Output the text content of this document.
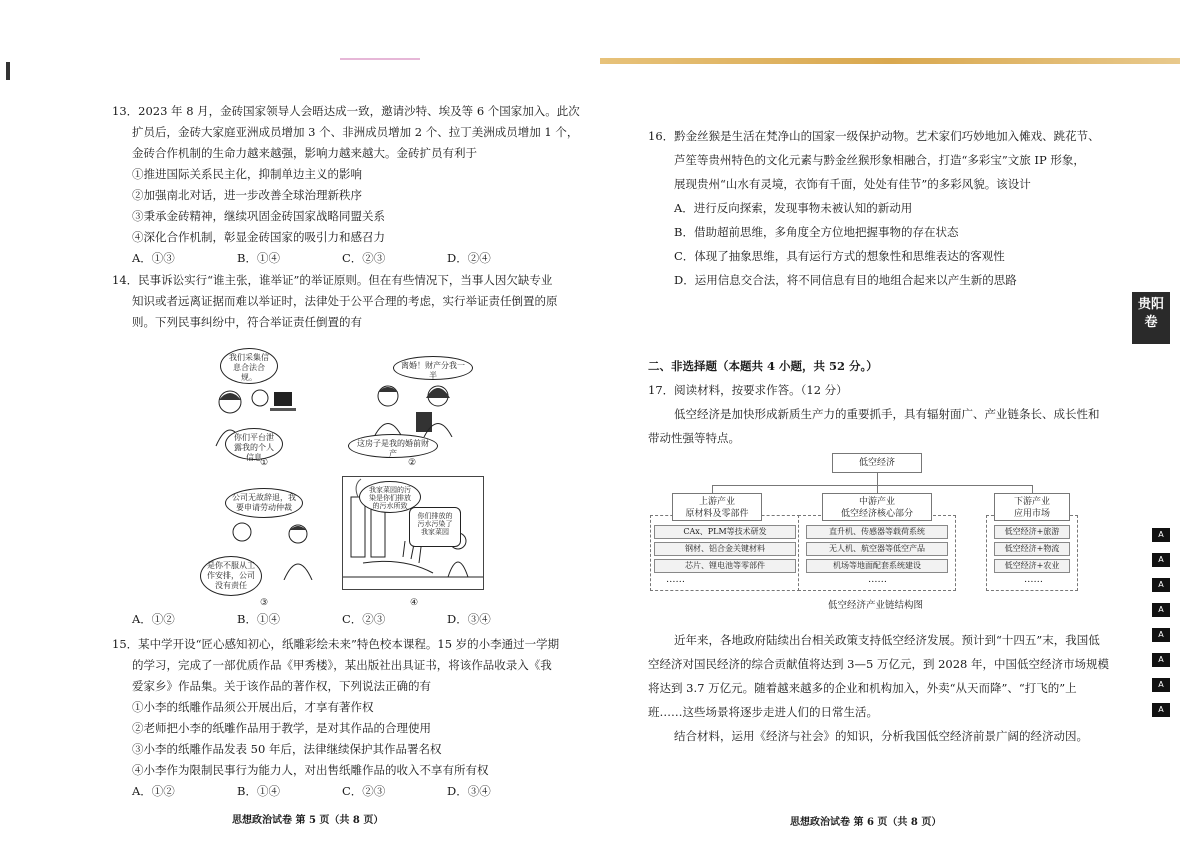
13．2023 年 8 月，金砖国家领导人会晤达成一致，邀请沙特、埃及等 6 个国家加入。此次
扩员后，金砖大家庭亚洲成员增加 3 个、非洲成员增加 2 个、拉丁美洲成员增加 1 个，
金砖合作机制的生命力越来越强，影响力越来越大。金砖扩员有利于
①推进国际关系民主化，抑制单边主义的影响
②加强南北对话，进一步改善全球治理新秩序
③秉承金砖精神，继续巩固金砖国家战略同盟关系
④深化合作机制，彰显金砖国家的吸引力和感召力
A．①③	B．①④	C．②③	D．②④
14．民事诉讼实行“谁主张，谁举证”的举证原则。但在有些情况下，当事人因欠缺专业
知识或者远离证据而难以举证时，法律处于公平合理的考虑，实行举证责任倒置的原
则。下列民事纠纷中，符合举证责任倒置的有
我们采集信息合法合规。
你们平台泄露我的个人信息
①
离婚！财产分我一半
这房子是我的婚前财产
②
公司无故辞退，我要申请劳动仲裁
是你不服从工作安排，公司没有责任
③
我家菜园的污染是你们排放的污水所致
你们排放的污水污染了我家菜园
④
A．①②	B．①④	C．②③	D．③④
15．某中学开设“匠心感知初心，纸雕彩绘未来”特色校本课程。15 岁的小李通过一学期
的学习，完成了一部优质作品《甲秀楼》，某出版社出具证书，将该作品收录入《我
爱家乡》作品集。关于该作品的著作权，下列说法正确的有
①小李的纸雕作品须公开展出后，才享有著作权
②老师把小李的纸雕作品用于教学，是对其作品的合理使用
③小李的纸雕作品发表 50 年后，法律继续保护其作品署名权
④小李作为限制民事行为能力人，对出售纸雕作品的收入不享有所有权
A．①②	B．①④	C．②③	D．③④
思想政治试卷 第 5 页（共 8 页）
16．黔金丝猴是生活在梵净山的国家一级保护动物。艺术家们巧妙地加入傩戏、跳花节、
芦笙等贵州特色的文化元素与黔金丝猴形象相融合，打造“多彩宝”文旅 IP 形象，
展现贵州“山水有灵境，衣饰有千面，处处有佳节”的多彩风貌。该设计
A．进行反向探索，发现事物未被认知的新动用
B．借助超前思维，多角度全方位地把握事物的存在状态
C．体现了抽象思维，具有运行方式的想象性和思维表达的客观性
D．运用信息交合法，将不同信息有目的地组合起来以产生新的思路
二、非选择题（本题共 4 小题，共 52 分。）
17．阅读材料，按要求作答。（12 分）
低空经济是加快形成新质生产力的重要抓手，具有辐射面广、产业链条长、成长性和
带动性强等特点。
低空经济
上游产业
原材料及零部件
CAx、PLM等技术研发
钢材、铝合金关键材料
芯片、锂电池等零部件
……
中游产业
低空经济核心部分
直升机、传感器等载荷系统
无人机、航空器等低空产品
机场等地面配套系统建设
……
下游产业
应用市场
低空经济+旅游
低空经济+物流
低空经济+农业
……
低空经济产业链结构图
近年来，各地政府陆续出台相关政策支持低空经济发展。预计到“十四五”末，我国低
空经济对国民经济的综合贡献值将达到 3—5 万亿元，到 2028 年，中国低空经济市场规模
将达到 3.7 万亿元。随着越来越多的企业和机构加入，外卖“从天而降”、“打飞的”上
班……这些场景将逐步走进人们的日常生活。
结合材料，运用《经济与社会》的知识，分析我国低空经济前景广阔的经济动因。
思想政治试卷 第 6 页（共 8 页）
贵阳
卷
A
A
A
A
A
A
A
A
